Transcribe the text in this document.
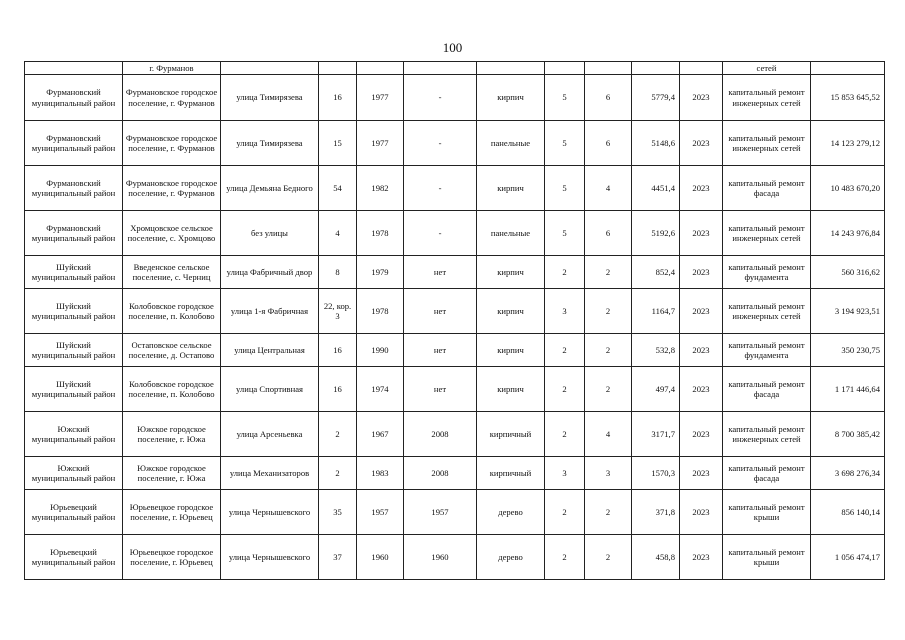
100
	г. Фурманов										сетей	
Фурмановский муниципальный район	Фурмановское городское поселение, г. Фурманов	улица Тимирязева	16	1977	-	кирпич	5	6	5779,4	2023	капитальный ремонт инженерных сетей	15 853 645,52
Фурмановский муниципальный район	Фурмановское городское поселение, г. Фурманов	улица Тимирязева	15	1977	-	панельные	5	6	5148,6	2023	капитальный ремонт инженерных сетей	14 123 279,12
Фурмановский муниципальный район	Фурмановское городское поселение, г. Фурманов	улица Демьяна Бедного	54	1982	-	кирпич	5	4	4451,4	2023	капитальный ремонт фасада	10 483 670,20
Фурмановский муниципальный район	Хромцовское сельское поселение, с. Хромцово	без улицы	4	1978	-	панельные	5	6	5192,6	2023	капитальный ремонт инженерных сетей	14 243 976,84
Шуйский муниципальный район	Введенское сельское поселение, с. Черниц	улица Фабричный двор	8	1979	нет	кирпич	2	2	852,4	2023	капитальный ремонт фундамента	560 316,62
Шуйский муниципальный район	Колобовское городское поселение, п. Колобово	улица 1-я Фабричная	22, кор. 3	1978	нет	кирпич	3	2	1164,7	2023	капитальный ремонт инженерных сетей	3 194 923,51
Шуйский муниципальный район	Остаповское сельское поселение, д. Остапово	улица Центральная	16	1990	нет	кирпич	2	2	532,8	2023	капитальный ремонт фундамента	350 230,75
Шуйский муниципальный район	Колобовское городское поселение, п. Колобово	улица Спортивная	16	1974	нет	кирпич	2	2	497,4	2023	капитальный ремонт фасада	1 171 446,64
Южский муниципальный район	Южское городское поселение, г. Южа	улица Арсеньевка	2	1967	2008	кирпичный	2	4	3171,7	2023	капитальный ремонт инженерных сетей	8 700 385,42
Южский муниципальный район	Южское городское поселение, г. Южа	улица Механизаторов	2	1983	2008	кирпичный	3	3	1570,3	2023	капитальный ремонт фасада	3 698 276,34
Юрьевецкий муниципальный район	Юрьевецкое городское поселение, г. Юрьевец	улица Чернышевского	35	1957	1957	дерево	2	2	371,8	2023	капитальный ремонт крыши	856 140,14
Юрьевецкий муниципальный район	Юрьевецкое городское поселение, г. Юрьевец	улица Чернышевского	37	1960	1960	дерево	2	2	458,8	2023	капитальный ремонт крыши	1 056 474,17
